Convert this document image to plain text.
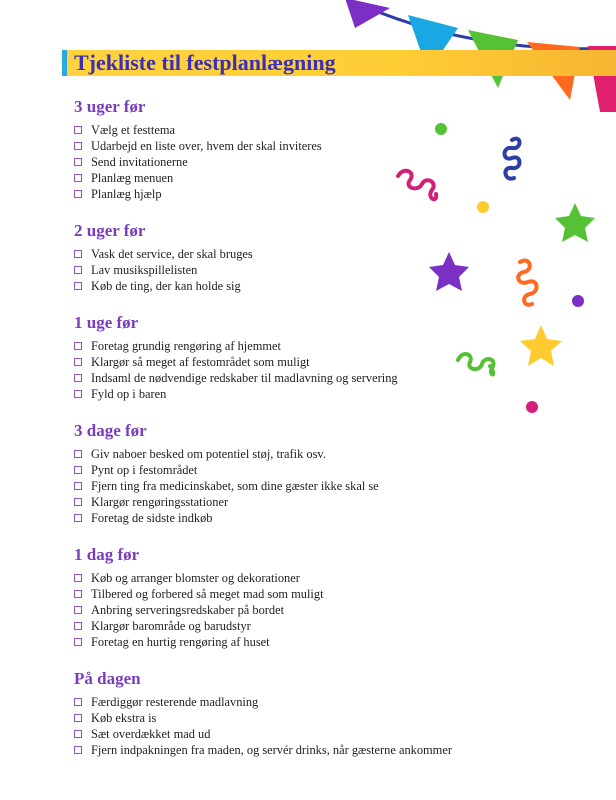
Tjekliste til festplanlægning
3 uger før
Vælg et festtema
Udarbejd en liste over, hvem der skal inviteres
Send invitationerne
Planlæg menuen
Planlæg hjælp
2 uger før
Vask det service, der skal bruges
Lav musikspillelisten
Køb de ting, der kan holde sig
1 uge før
Foretag grundig rengøring af hjemmet
Klargør så meget af festområdet som muligt
Indsaml de nødvendige redskaber til madlavning og servering
Fyld op i baren
3 dage før
Giv naboer besked om potentiel støj, trafik osv.
Pynt op i festområdet
Fjern ting fra medicinskabet, som dine gæster ikke skal se
Klargør rengøringsstationer
Foretag de sidste indkøb
1 dag før
Køb og arranger blomster og dekorationer
Tilbered og forbered så meget mad som muligt
Anbring serveringsredskaber på bordet
Klargør barområde og barudstyr
Foretag en hurtig rengøring af huset
På dagen
Færdiggør resterende madlavning
Køb ekstra is
Sæt overdækket mad ud
Fjern indpakningen fra maden, og servér drinks, når gæsterne ankommer
